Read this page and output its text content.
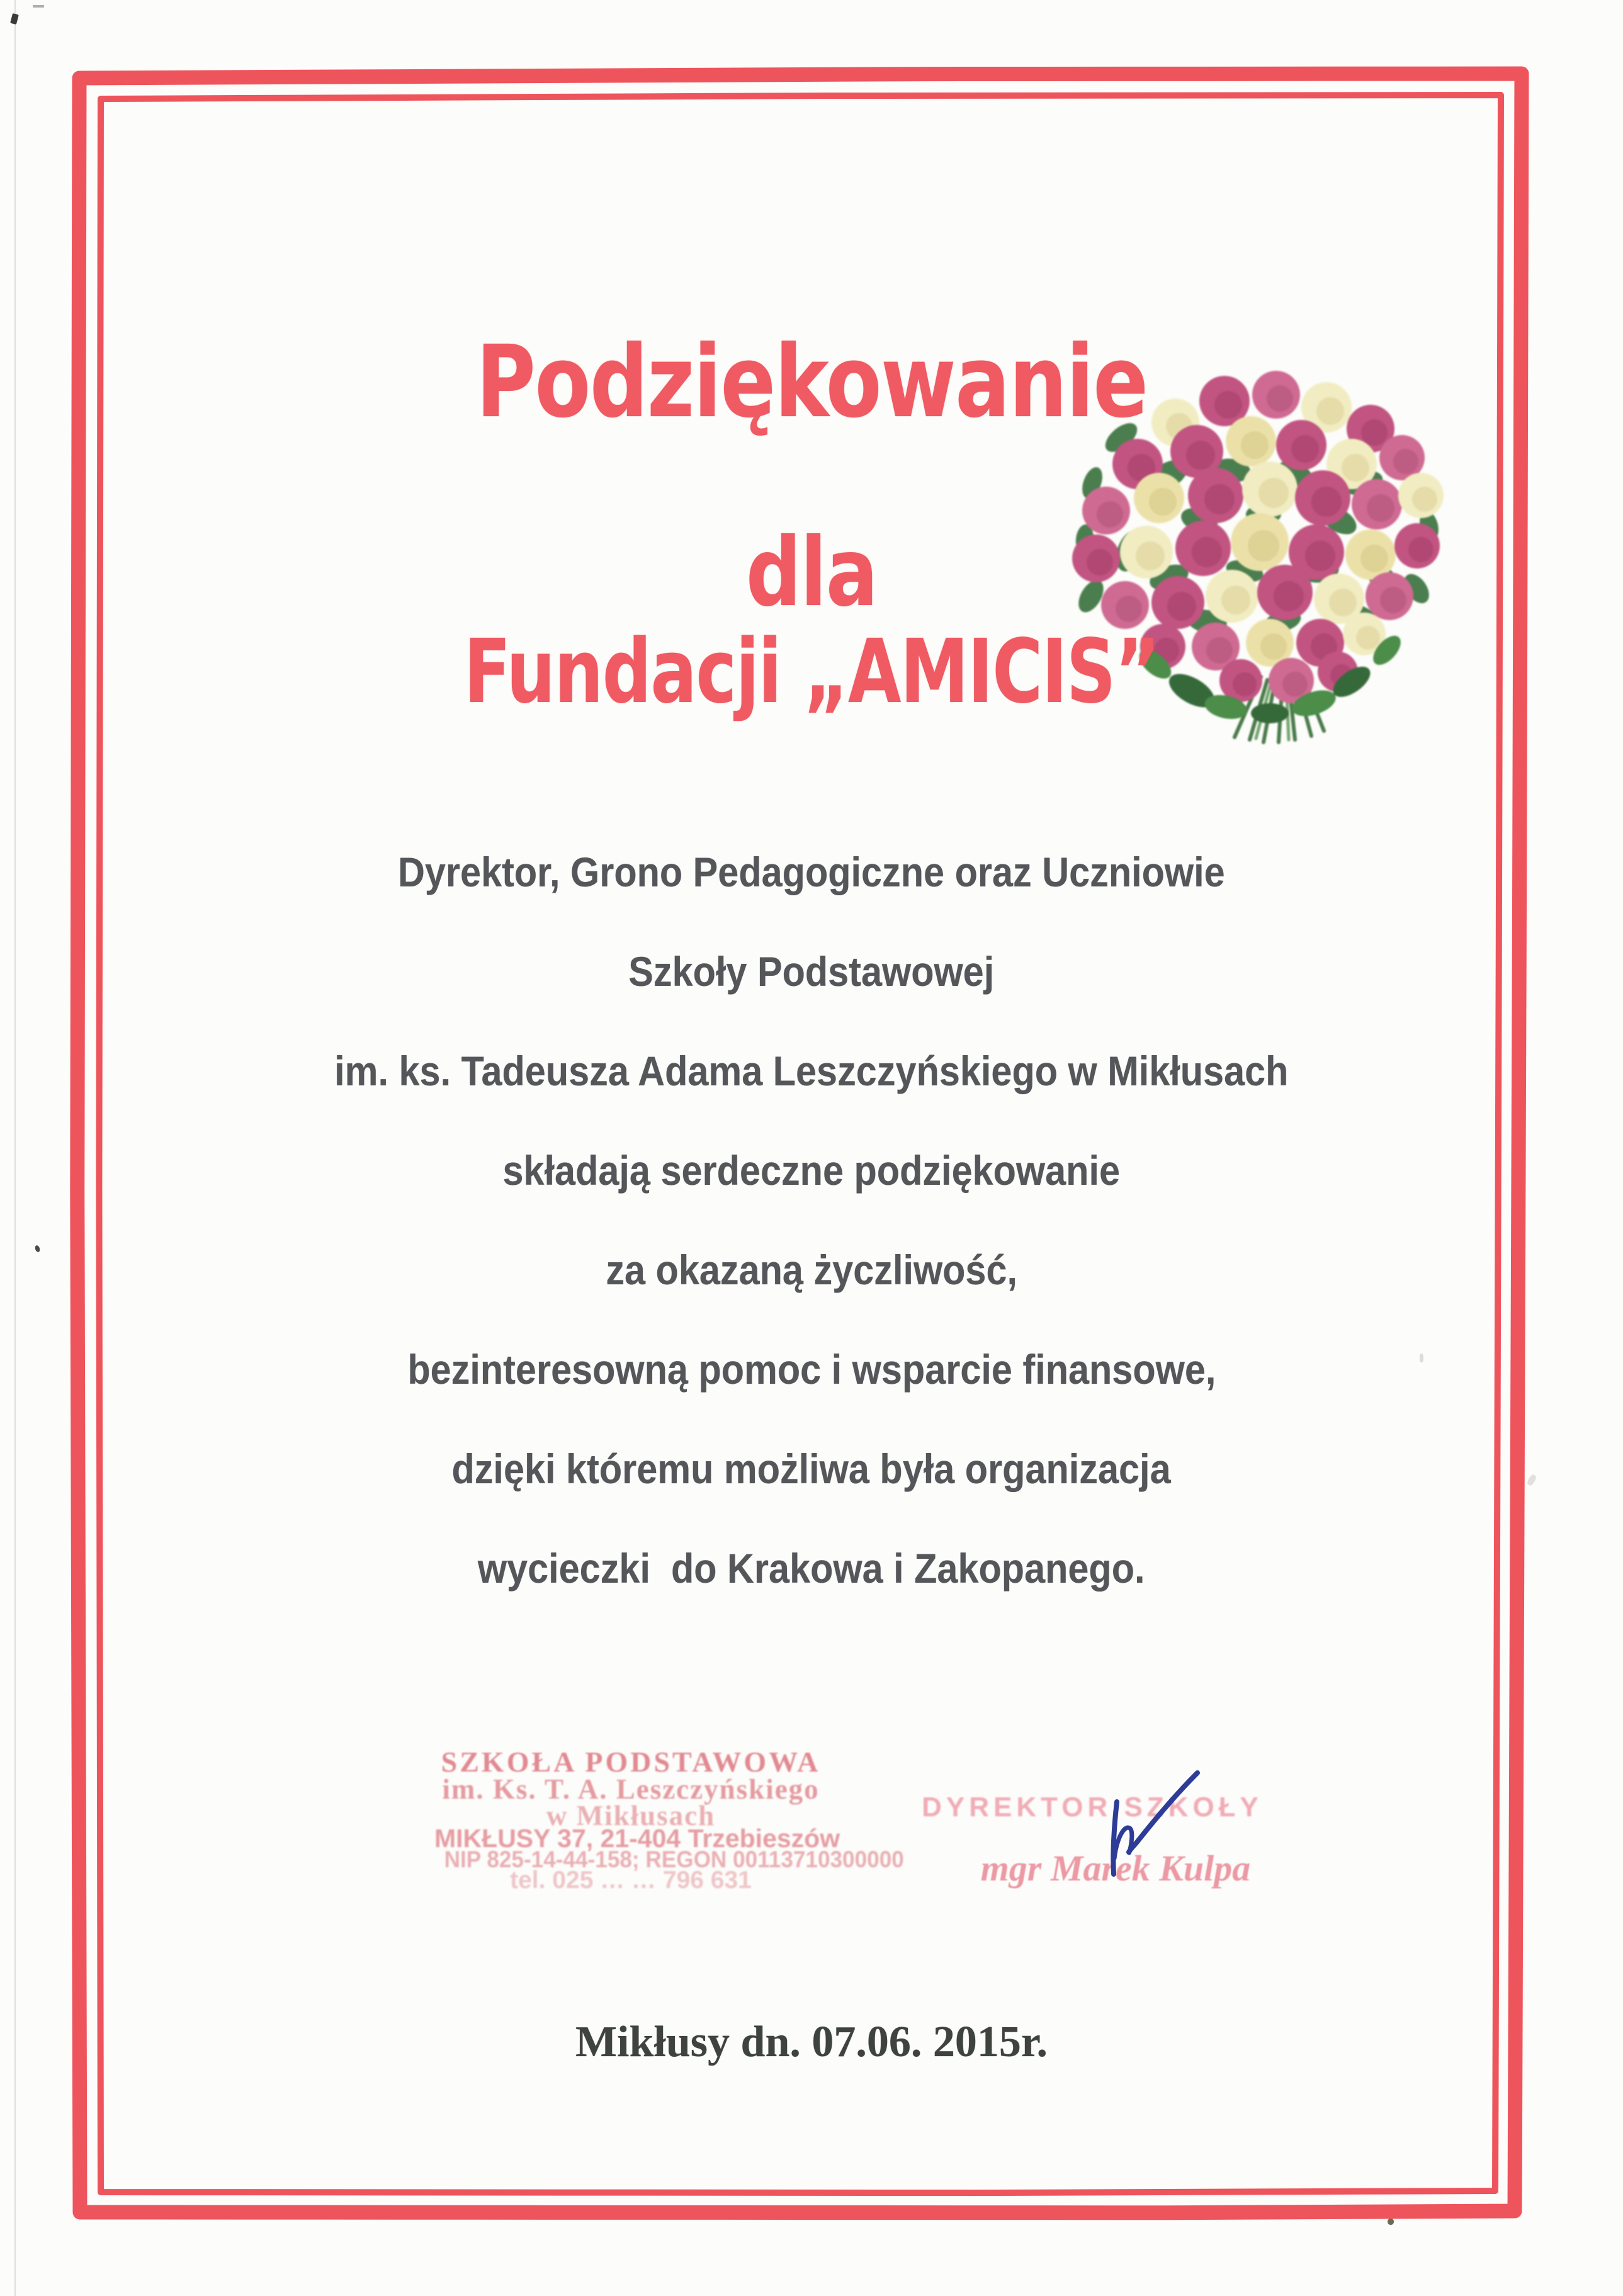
Podziękowanie
dla
Fundacji „AMICIS”
Dyrektor, Grono Pedagogiczne oraz Uczniowie
Szkoły Podstawowej
im. ks. Tadeusza Adama Leszczyńskiego w Mikłusach
składają serdeczne podziękowanie
za okazaną życzliwość,
bezinteresowną pomoc i wsparcie finansowe,
dzięki któremu możliwa była organizacja
wycieczki  do Krakowa i Zakopanego.
SZKOŁA PODSTAWOWA
im. Ks. T. A. Leszczyńskiego
w Mikłusach
MIKŁUSY 37, 21-404 Trzebieszów
NIP 825-14-44-158; REGON 00113710300000
tel. 025 … … 796 631
DYREKTOR SZKOŁY
mgr Marek Kulpa
Mikłusy dn. 07.06. 2015r.
